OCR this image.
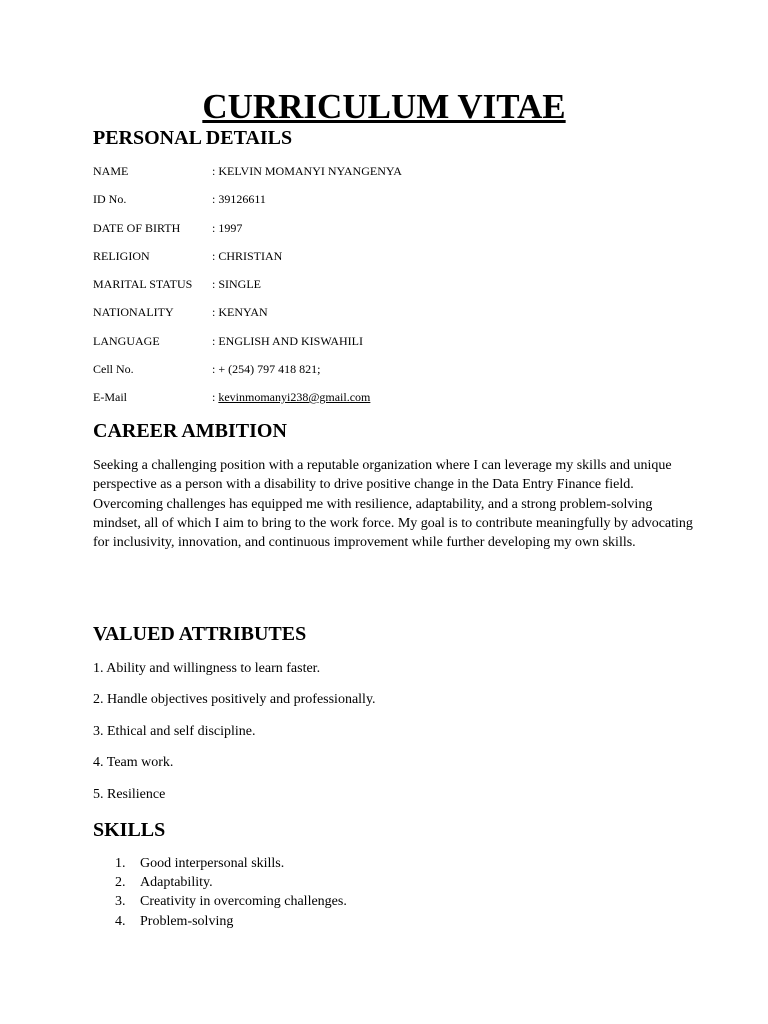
CURRICULUM VITAE
PERSONAL DETAILS
NAME	: KELVIN MOMANYI NYANGENYA
ID No.	: 39126611
DATE OF BIRTH	: 1997
RELIGION	: CHRISTIAN
MARITAL STATUS : SINGLE
NATIONALITY	: KENYAN
LANGUAGE	: ENGLISH AND KISWAHILI
Cell No.	: + (254) 797 418 821;
E-Mail	: kevinmomanyi238@gmail.com
CAREER AMBITION
Seeking a challenging position with a reputable organization where I can leverage my skills and unique perspective as a person with a disability to drive positive change in the Data Entry Finance field. Overcoming challenges has equipped me with resilience, adaptability, and a strong problem-solving mindset, all of which I aim to bring to the work force. My goal is to contribute meaningfully by advocating for inclusivity, innovation, and continuous improvement while further developing my own skills.
VALUED ATTRIBUTES
1. Ability and willingness to learn faster.
2. Handle objectives positively and professionally.
3. Ethical and self discipline.
4. Team work.
5. Resilience
SKILLS
1. Good interpersonal skills.
2. Adaptability.
3. Creativity in overcoming challenges.
4. Problem-solving
